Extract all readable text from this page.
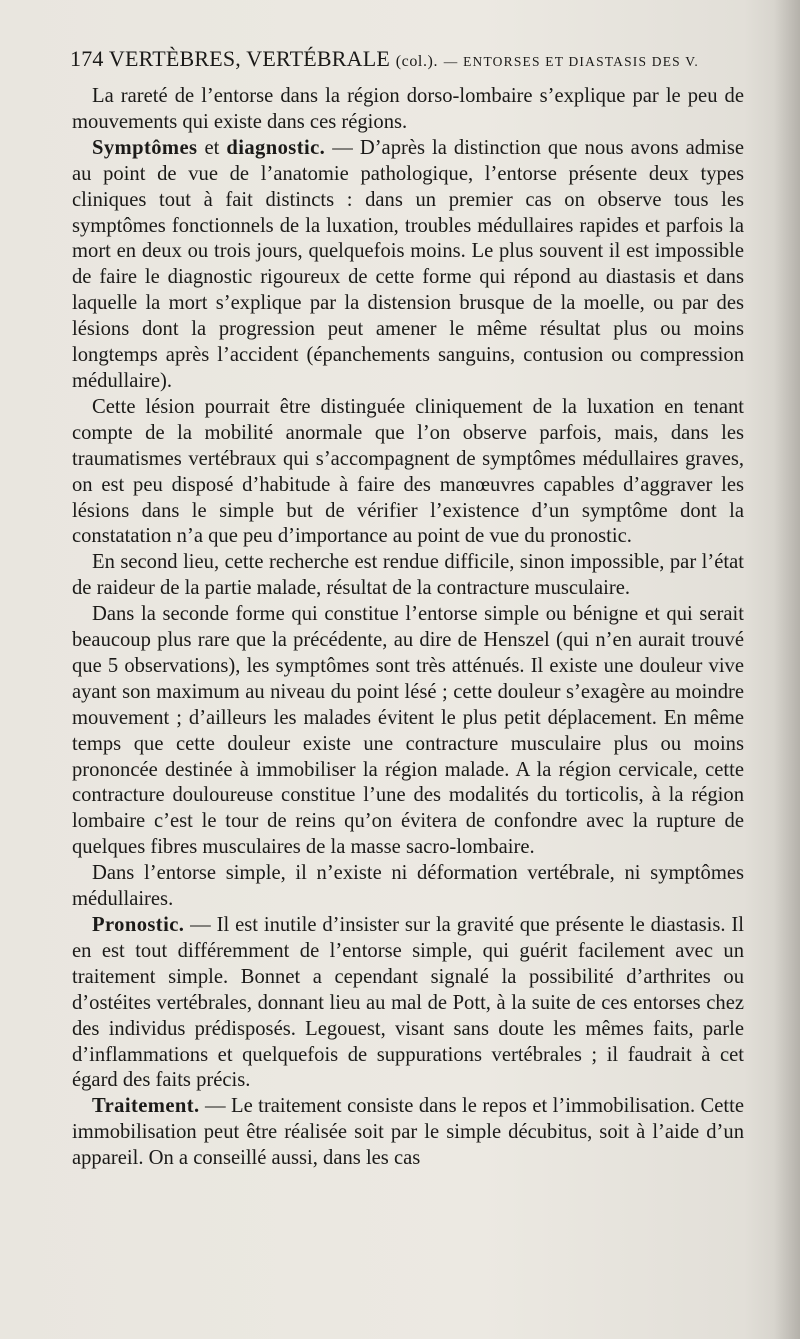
174 VERTÈBRES, VERTÉBRALE (col.). — ENTORSES ET DIASTASIS DES V.

La rareté de l’entorse dans la région dorso-lombaire s’explique par le peu de mouvements qui existe dans ces régions.

Symptômes et diagnostic. — D’après la distinction que nous avons admise au point de vue de l’anatomie pathologique, l’entorse présente deux types cliniques tout à fait distincts : dans un premier cas on observe tous les symptômes fonctionnels de la luxation, troubles médullaires rapides et parfois la mort en deux ou trois jours, quelquefois moins. Le plus souvent il est impossible de faire le diagnostic rigoureux de cette forme qui répond au diastasis et dans laquelle la mort s’explique par la distension brusque de la moelle, ou par des lésions dont la progression peut amener le même résultat plus ou moins longtemps après l’accident (épanchements sanguins, contusion ou compression médullaire).

Cette lésion pourrait être distinguée cliniquement de la luxation en tenant compte de la mobilité anormale que l’on observe parfois, mais, dans les traumatismes vertébraux qui s’accompagnent de symptômes médullaires graves, on est peu disposé d’habitude à faire des manœuvres capables d’aggraver les lésions dans le simple but de vérifier l’existence d’un symptôme dont la constatation n’a que peu d’importance au point de vue du pronostic.

En second lieu, cette recherche est rendue difficile, sinon impossible, par l’état de raideur de la partie malade, résultat de la contracture musculaire.

Dans la seconde forme qui constitue l’entorse simple ou bénigne et qui serait beaucoup plus rare que la précédente, au dire de Henszel (qui n’en aurait trouvé que 5 observations), les symptômes sont très atténués. Il existe une douleur vive ayant son maximum au niveau du point lésé ; cette douleur s’exagère au moindre mouvement ; d’ailleurs les malades évitent le plus petit déplacement. En même temps que cette douleur existe une contracture musculaire plus ou moins prononcée destinée à immobiliser la région malade. A la région cervicale, cette contracture douloureuse constitue l’une des modalités du torticolis, à la région lombaire c’est le tour de reins qu’on évitera de confondre avec la rupture de quelques fibres musculaires de la masse sacro-lombaire.

Dans l’entorse simple, il n’existe ni déformation vertébrale, ni symptômes médullaires.

Pronostic. — Il est inutile d’insister sur la gravité que présente le diastasis. Il en est tout différemment de l’entorse simple, qui guérit facilement avec un traitement simple. Bonnet a cependant signalé la possibilité d’arthrites ou d’ostéites vertébrales, donnant lieu au mal de Pott, à la suite de ces entorses chez des individus prédisposés. Legouest, visant sans doute les mêmes faits, parle d’inflammations et quelquefois de suppurations vertébrales ; il faudrait à cet égard des faits précis.

Traitement. — Le traitement consiste dans le repos et l’immobilisation. Cette immobilisation peut être réalisée soit par le simple décubitus, soit à l’aide d’un appareil. On a conseillé aussi, dans les cas
